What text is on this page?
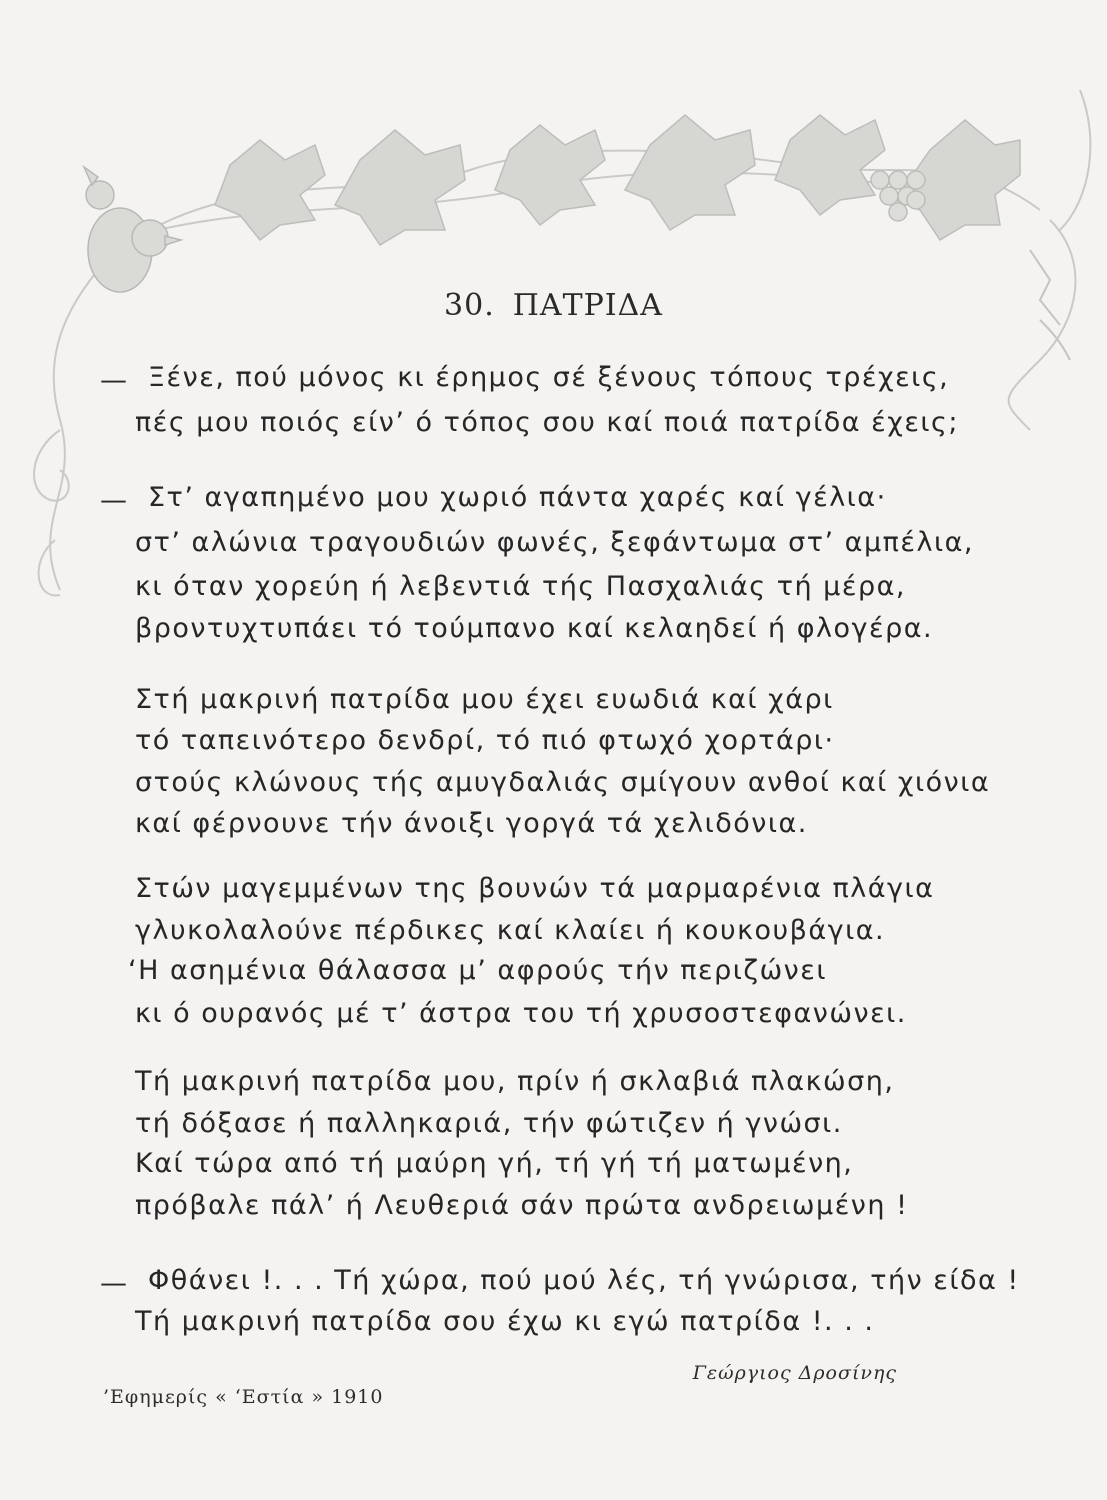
30. ΠΑΤΡΙΔΑ
— Ξένε, πού μόνος κι έρημος σέ ξένους τόπους τρέχεις,
πές μου ποιός είν’ ό τόπος σου καί ποιά πατρίδα έχεις;
— Στ’ αγαπημένο μου χωριό πάντα χαρές καί γέλια·
στ’ αλώνια τραγουδιών φωνές, ξεφάντωμα στ’ αμπέλια,
κι όταν χορεύη ή λεβεντιά τής Πασχαλιάς τή μέρα,
βροντυχτυπάει τό τούμπανο καί κελαηδεί ή φλογέρα.
Στή μακρινή πατρίδα μου έχει ευωδιά καί χάρι
τό ταπεινότερο δενδρί, τό πιό φτωχό χορτάρι·
στούς κλώνους τής αμυγδαλιάς σμίγουν ανθοί καί χιόνια
καί φέρνουνε τήν άνοιξι γοργά τά χελιδόνια.
Στών μαγεμμένων της βουνών τά μαρμαρένια πλάγια
γλυκολαλούνε πέρδικες καί κλαίει ή κουκουβάγια.
‘Η ασημένια θάλασσα μ’ αφρούς τήν περιζώνει
κι ό ουρανός μέ τ’ άστρα του τή χρυσοστεφανώνει.
Τή μακρινή πατρίδα μου, πρίν ή σκλαβιά πλακώση,
τή δόξασε ή παλληκαριά, τήν φώτιζεν ή γνώσι.
Καί τώρα από τή μαύρη γή, τή γή τή ματωμένη,
πρόβαλε πάλ’ ή Λευθεριά σάν πρώτα ανδρειωμένη !
— Φθάνει !. . . Τή χώρα, πού μού λές, τή γνώρισα, τήν είδα !
Τή μακρινή πατρίδα σου έχω κι εγώ πατρίδα !. . .
Γεώργιος Δροσίνης
’Εφημερίς « ‘Εστία » 1910
